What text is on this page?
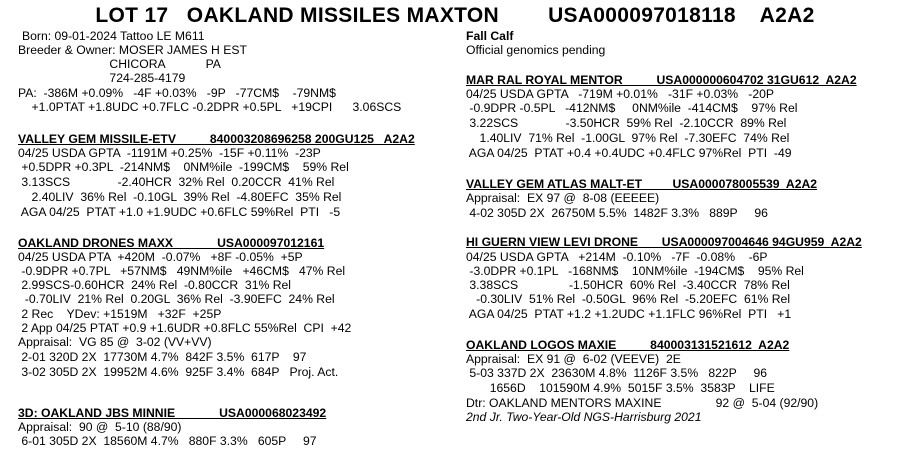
LOT 17   OAKLAND MISSILES MAXTON        USA000097018118    A2A2
Born: 09-01-2024 Tattoo LE M611
Breeder & Owner: MOSER JAMES H EST
CHICORA            PA
724-285-4179
PA:  -386M +0.09%   -4F +0.03%   -9P   -77CM$    -79NM$
+1.0PTAT +1.8UDC +0.7FLC -0.2DPR +0.5PL   +19CPI      3.06SCS
VALLEY GEM MISSILE-ETV          840003208696258 200GU125   A2A2
04/25 USDA GPTA  -1191M +0.25%  -15F +0.11%  -23P
+0.5DPR +0.3PL  -214NM$    0NM%ile  -199CM$    59% Rel
3.13SCS              -2.40HCR  32% Rel  0.20CCR  41% Rel
2.40LIV  36% Rel  -0.10GL  39% Rel  -4.80EFC  35% Rel
AGA 04/25  PTAT +1.0 +1.9UDC +0.6FLC 59%Rel  PTI   -5
OAKLAND DRONES MAXX             USA000097012161
04/25 USDA PTA  +420M  -0.07%   +8F -0.05%  +5P
-0.9DPR +0.7PL   +57NM$   49NM%ile   +46CM$   47% Rel
2.99SCS-0.60HCR  24% Rel  -0.80CCR  31% Rel
-0.70LIV  21% Rel  0.20GL  36% Rel  -3.90EFC  24% Rel
2 Rec    YDev: +1519M   +32F  +25P
2 App 04/25 PTAT +0.9 +1.6UDR +0.8FLC 55%Rel  CPI  +42
Appraisal:  VG 85 @  3-02 (VV+VV)
2-01 320D 2X  17730M 4.7%  842F 3.5%  617P    97
3-02 305D 2X  19952M 4.6%  925F 3.4%  684P   Proj. Act.
3D: OAKLAND JBS MINNIE             USA000068023492
Appraisal:  90 @  5-10 (88/90)
6-01 305D 2X  18560M 4.7%   880F 3.3%   605P     97
Fall Calf
Official genomics pending
MAR RAL ROYAL MENTOR          USA000000604702 31GU612  A2A2
04/25 USDA GPTA   -719M +0.01%   -31F +0.03%   -20P
-0.9DPR -0.5PL   -412NM$     0NM%ile  -414CM$    97% Rel
3.22SCS              -3.50HCR  59% Rel  -2.10CCR  89% Rel
1.40LIV  71% Rel  -1.00GL  97% Rel  -7.30EFC  74% Rel
AGA 04/25  PTAT +0.4 +0.4UDC +0.4FLC 97%Rel  PTI  -49
VALLEY GEM ATLAS MALT-ET         USA000078005539  A2A2
Appraisal:  EX 97 @  8-08 (EEEEE)
4-02 305D 2X  26750M 5.5%  1482F 3.3%   889P     96
HI GUERN VIEW LEVI DRONE       USA000097004646 94GU959  A2A2
04/25 USDA GPTA   +214M  -0.10%   -7F  -0.08%    -6P
-3.0DPR +0.1PL   -168NM$    10NM%ile  -194CM$    95% Rel
3.38SCS               -1.50HCR  60% Rel  -3.40CCR  78% Rel
-0.30LIV  51% Rel  -0.50GL  96% Rel  -5.20EFC  61% Rel
AGA 04/25  PTAT +1.2 +1.2UDC +1.1FLC 96%Rel  PTI   +1
OAKLAND LOGOS MAXIE          840003131521612  A2A2
Appraisal:  EX 91 @  6-02 (VEEVE)  2E
5-03 337D 2X  23630M 4.8%  1126F 3.5%   822P     96
1656D    101590M 4.9%  5015F 3.5%  3583P    LIFE
Dtr: OAKLAND MENTORS MAXINE                92 @  5-04 (92/90)
2nd Jr. Two-Year-Old NGS-Harrisburg 2021
